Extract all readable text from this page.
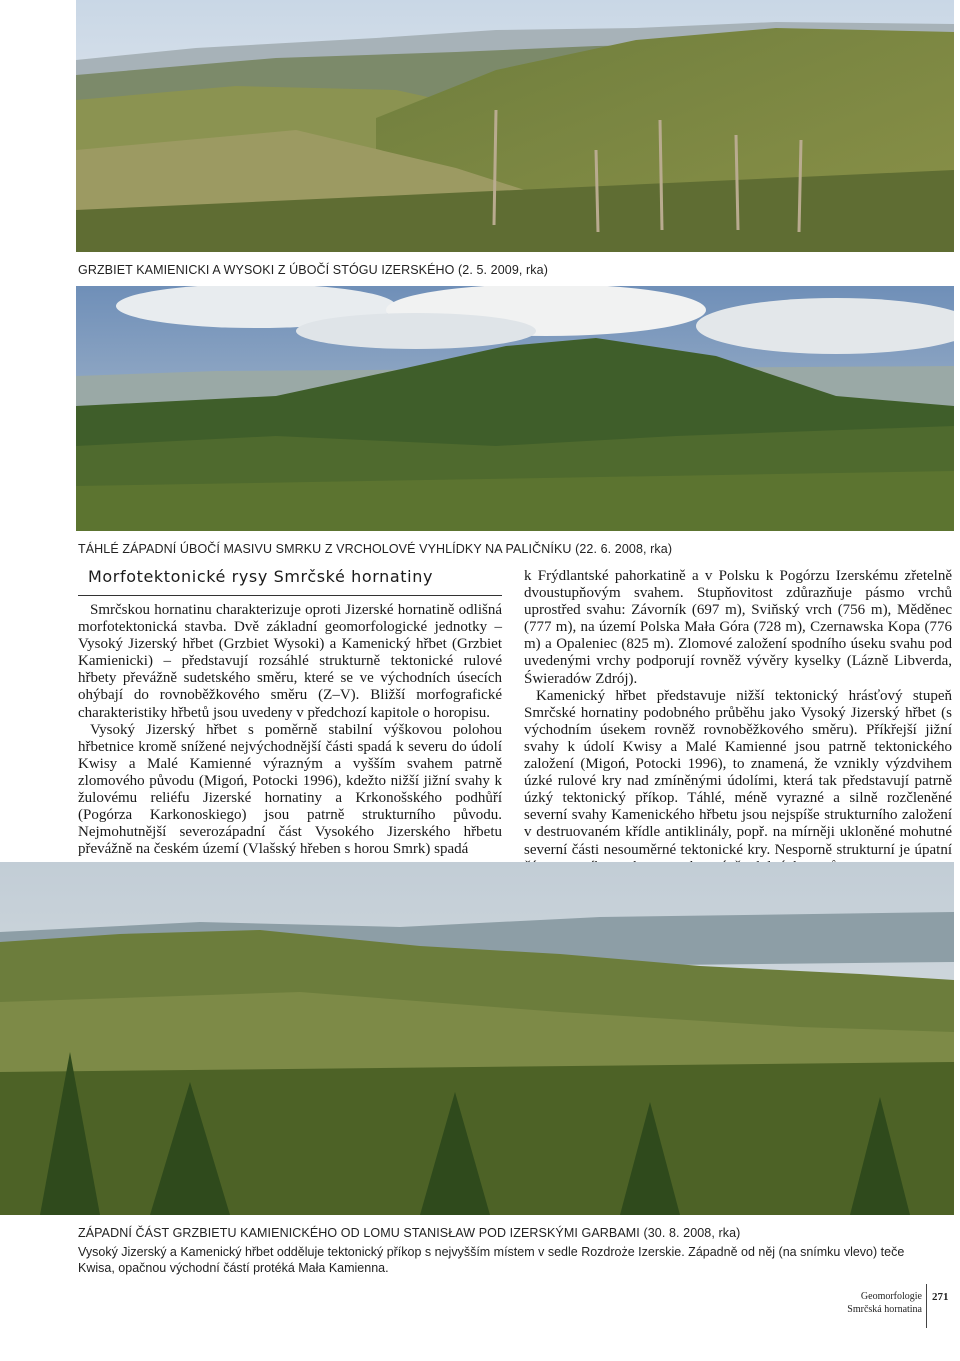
GRZBIET KAMIENICKI A WYSOKI Z ÚBOČÍ STÓGU IZERSKÉHO (2. 5. 2009, rka)
TÁHLÉ ZÁPADNÍ ÚBOČÍ MASIVU SMRKU Z VRCHOLOVÉ VYHLÍDKY NA PALIČNÍKU (22. 6. 2008, rka)
Morfotektonické rysy Smrčské hornatiny

Smrčskou hornatinu charakterizuje oproti Jizerské hornatině odlišná morfotektonická stavba. Dvě základní geomorfologické jednotky – Vysoký Jizerský hřbet (Grzbiet Wysoki) a Kamenický hřbet (Grzbiet Kamienicki) – představují rozsáhlé strukturně tektonické rulové hřbety převážně sudetského směru, které se ve východních úsecích ohýbají do rovnoběžkového směru (Z–V). Bližší morfografické charakteristiky hřbetů jsou uvedeny v předchozí kapitole o horopisu.

Vysoký Jizerský hřbet s poměrně stabilní výškovou polohou hřbetnice kromě snížené nejvýchodnější části spadá k severu do údolí Kwisy a Malé Kamienné výrazným a vyšším svahem patrně zlomového původu (Migoń, Potocki 1996), kdežto nižší jižní svahy k žulovému reliéfu Jizerské hornatiny a Krkonošského podhůří (Pogórza Karkonoskiego) jsou patrně strukturního původu. Nejmohutnější severozápadní část Vysokého Jizerského hřbetu převážně na českém území (Vlašský hřeben s horou Smrk) spadá

k Frýdlantské pahorkatině a v Polsku k Pogórzu Izerskému zřetelně dvoustupňovým svahem. Stupňovitost zdůrazňuje pásmo vrchů uprostřed svahu: Závorník (697 m), Sviňský vrch (756 m), Měděnec (777 m), na území Polska Mała Góra (728 m), Czernawska Kopa (776 m) a Opaleniec (825 m). Zlomové založení spodního úseku svahu pod uvedenými vrchy podporují rovněž vývěry kyselky (Lázně Libverda, Świeradów Zdrój).

Kamenický hřbet představuje nižší tektonický hrásťový stupeň Smrčské hornatiny podobného průběhu jako Vysoký Jizerský hřbet (s východním úsekem rovněž rovnoběžkového směru). Příkřejší jižní svahy k údolí Kwisy a Malé Kamienné jsou patrně tektonického založení (Migoń, Potocki 1996), to znamená, že vznikly výzdvihem úzké rulové kry nad zmíněnými údolími, která tak představují patrně úzký tektonický příkop. Táhlé, méně vyrazné a silně rozčleněné severní svahy Kamenického hřbetu jsou nejspíše strukturního založení v destruovaném křídle antiklinály, popř. na mírněji ukloněné mohutné severní části nesouměrné tektonické kry. Nesporně strukturní je úpatní

ZÁPADNÍ ČÁST GRZBIETU KAMIENICKÉHO OD LOMU STANISŁAW POD IZERSKÝMI GARBAMI (30. 8. 2008, rka)
Vysoký Jizerský a Kamenický hřbet odděluje tektonický příkop s nejvyšším místem v sedle Rozdroże Izerskie. Západně od něj (na snímku vlevo) teče Kwisa, opačnou východní částí protéká Mała Kamienna.
Geomorfologie
Smrčská hornatina
271
